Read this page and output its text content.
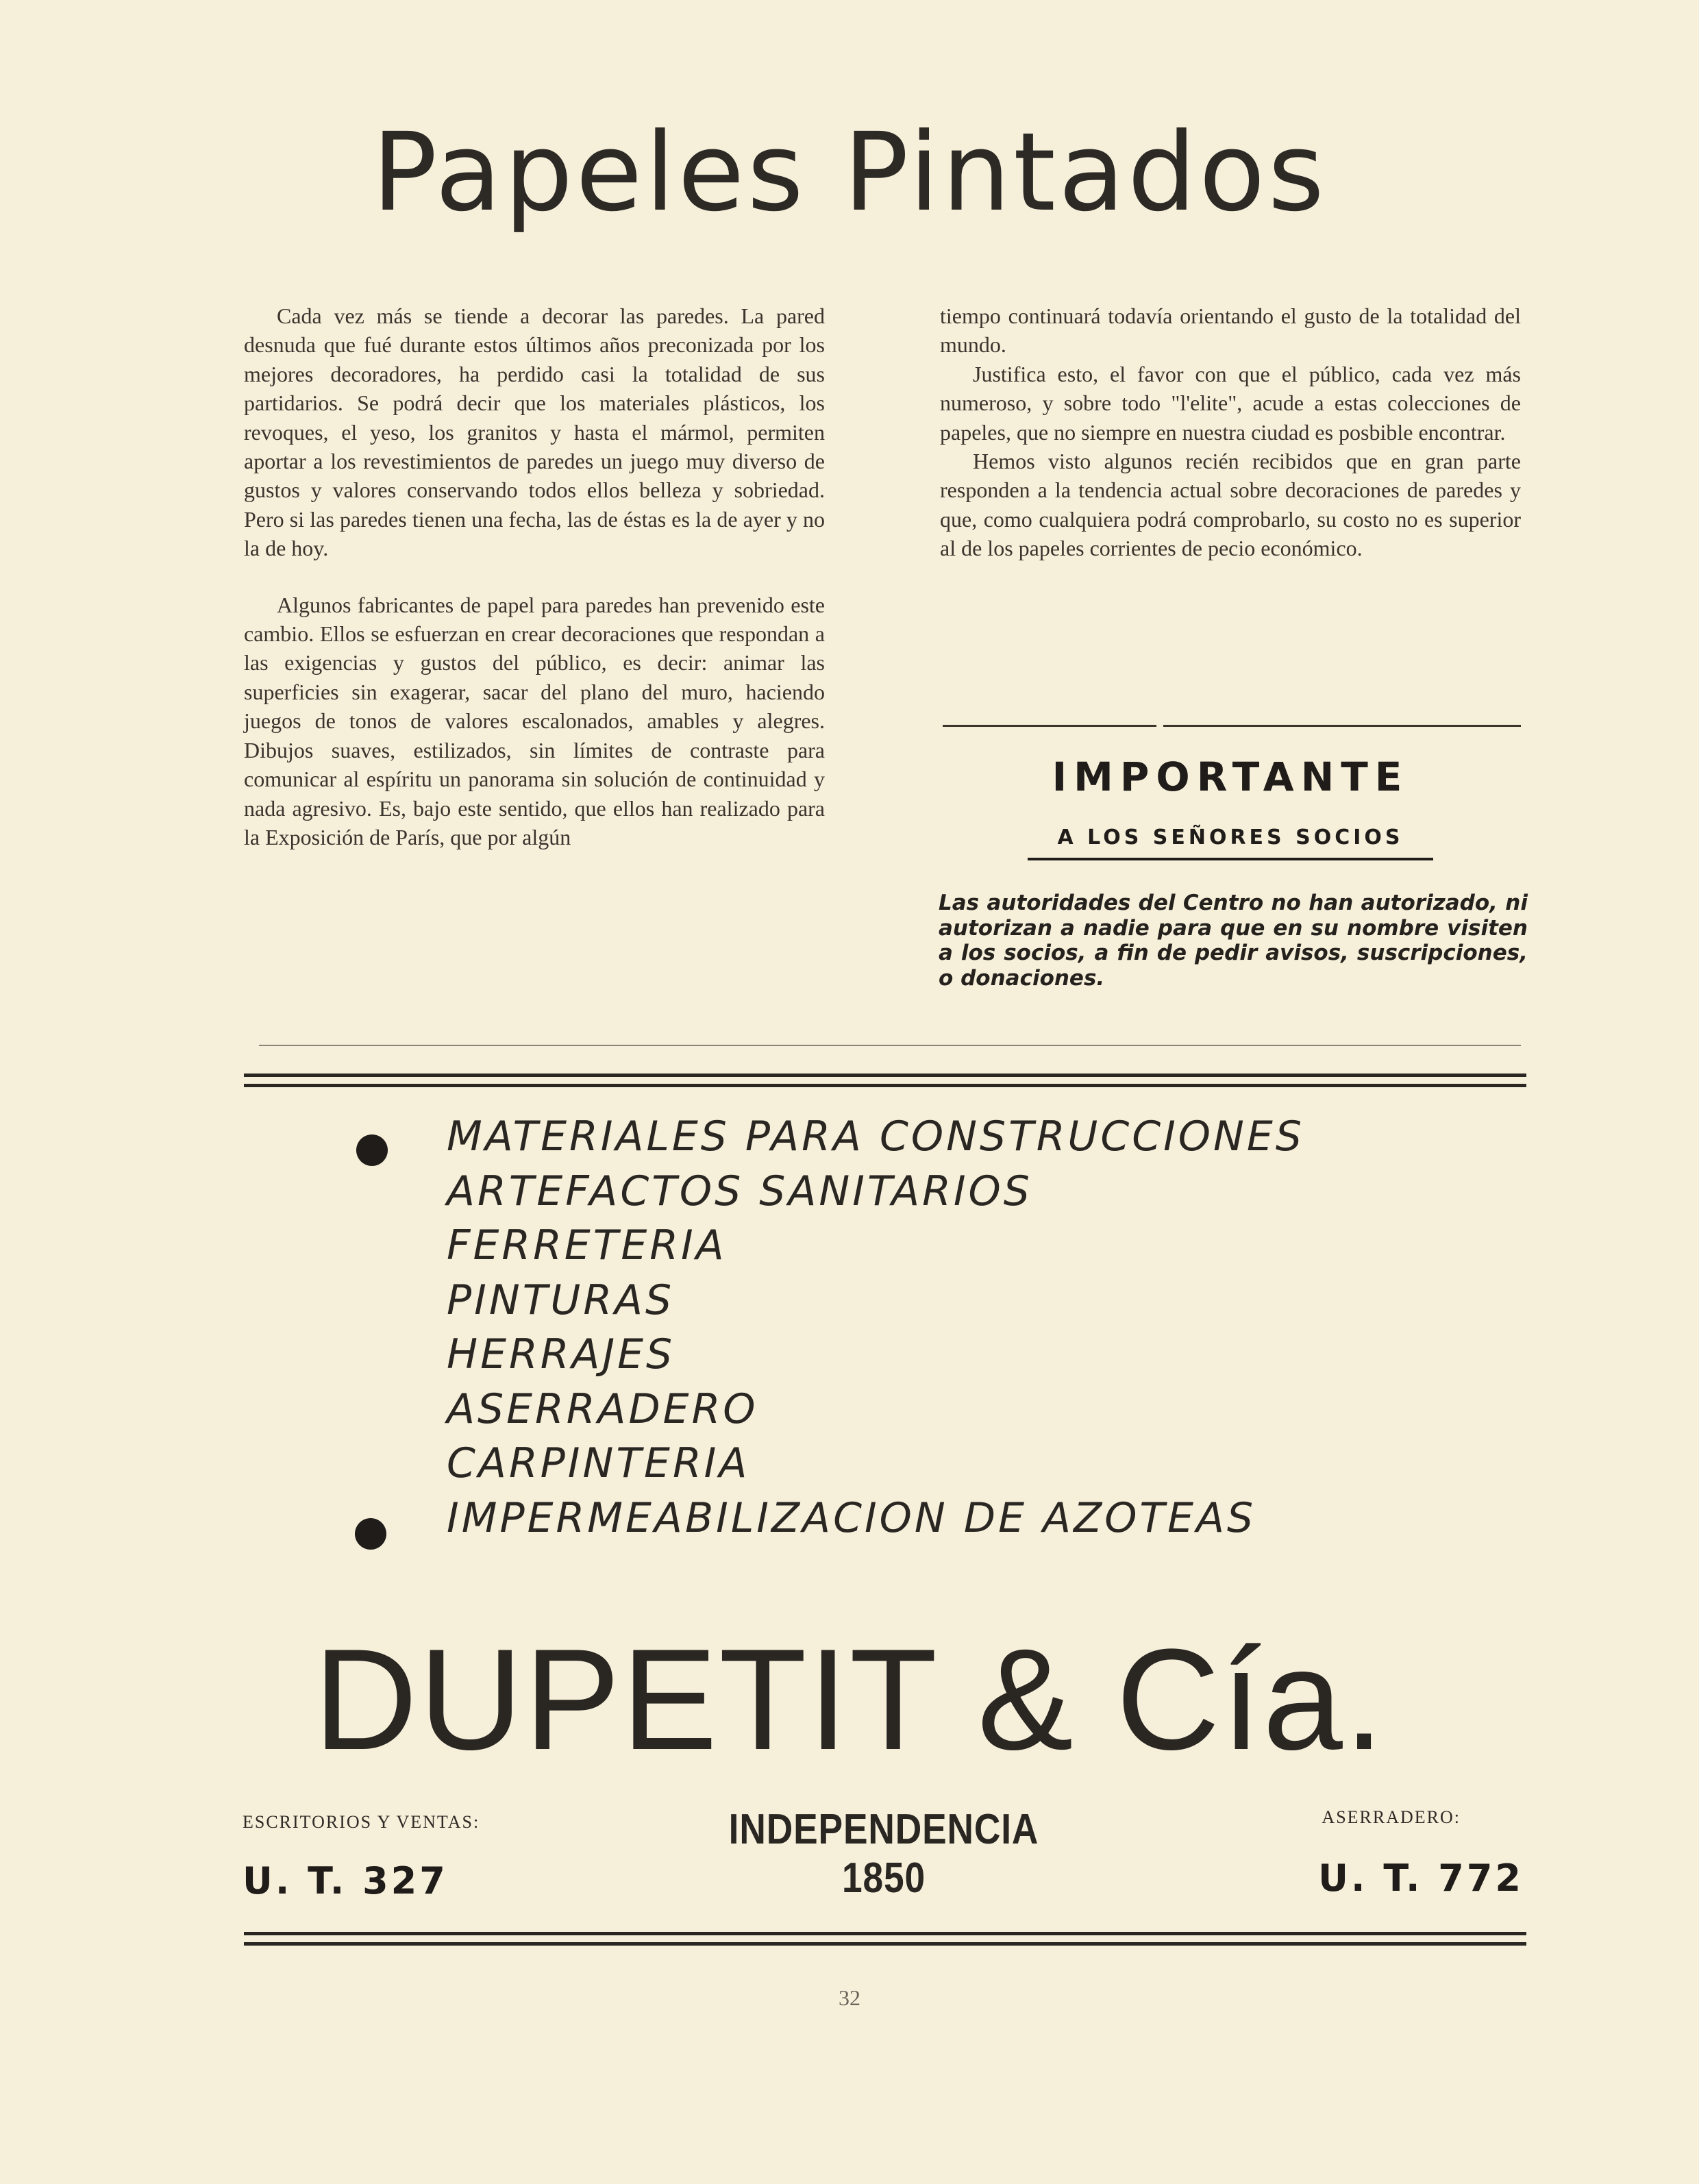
Papeles Pintados

Cada vez más se tiende a decorar las paredes. La pared desnuda que fué durante estos últimos años preconizada por los mejores decoradores, ha perdido casi la totalidad de sus partidarios. Se podrá decir que los materiales plásticos, los revoques, el yeso, los granitos y hasta el mármol, permiten aportar a los revestimientos de paredes un juego muy diverso de gustos y valores conservando todos ellos belleza y sobriedad. Pero si las paredes tienen una fecha, las de éstas es la de ayer y no la de hoy.

Algunos fabricantes de papel para paredes han prevenido este cambio. Ellos se esfuerzan en crear decoraciones que respondan a las exigencias y gustos del público, es decir: animar las superficies sin exagerar, sacar del plano del muro, haciendo juegos de tonos de valores escalonados, amables y alegres. Dibujos suaves, estilizados, sin límites de contraste para comunicar al espíritu un panorama sin solución de continuidad y nada agresivo. Es, bajo este sentido, que ellos han realizado para la Exposición de París, que por algún

tiempo continuará todavía orientando el gusto de la totalidad del mundo.

Justifica esto, el favor con que el público, cada vez más numeroso, y sobre todo "l'elite", acude a estas colecciones de papeles, que no siempre en nuestra ciudad es posbible encontrar.

Hemos visto algunos recién recibidos que en gran parte responden a la tendencia actual sobre decoraciones de paredes y que, como cualquiera podrá comprobarlo, su costo no es superior al de los papeles corrientes de pecio económico.

IMPORTANTE
A LOS SEÑORES SOCIOS
Las autoridades del Centro no han autorizado, ni autorizan a nadie para que en su nombre visiten a los socios, a fin de pedir avisos, suscripciones, o donaciones.
MATERIALES PARA CONSTRUCCIONES
ARTEFACTOS SANITARIOS
FERRETERIA
PINTURAS
HERRAJES
ASERRADERO
CARPINTERIA
IMPERMEABILIZACION DE AZOTEAS
DUPETIT & Cía.
ESCRITORIOS Y VENTAS:
U. T. 327
INDEPENDENCIA 1850
ASERRADERO:
U. T. 772
32
